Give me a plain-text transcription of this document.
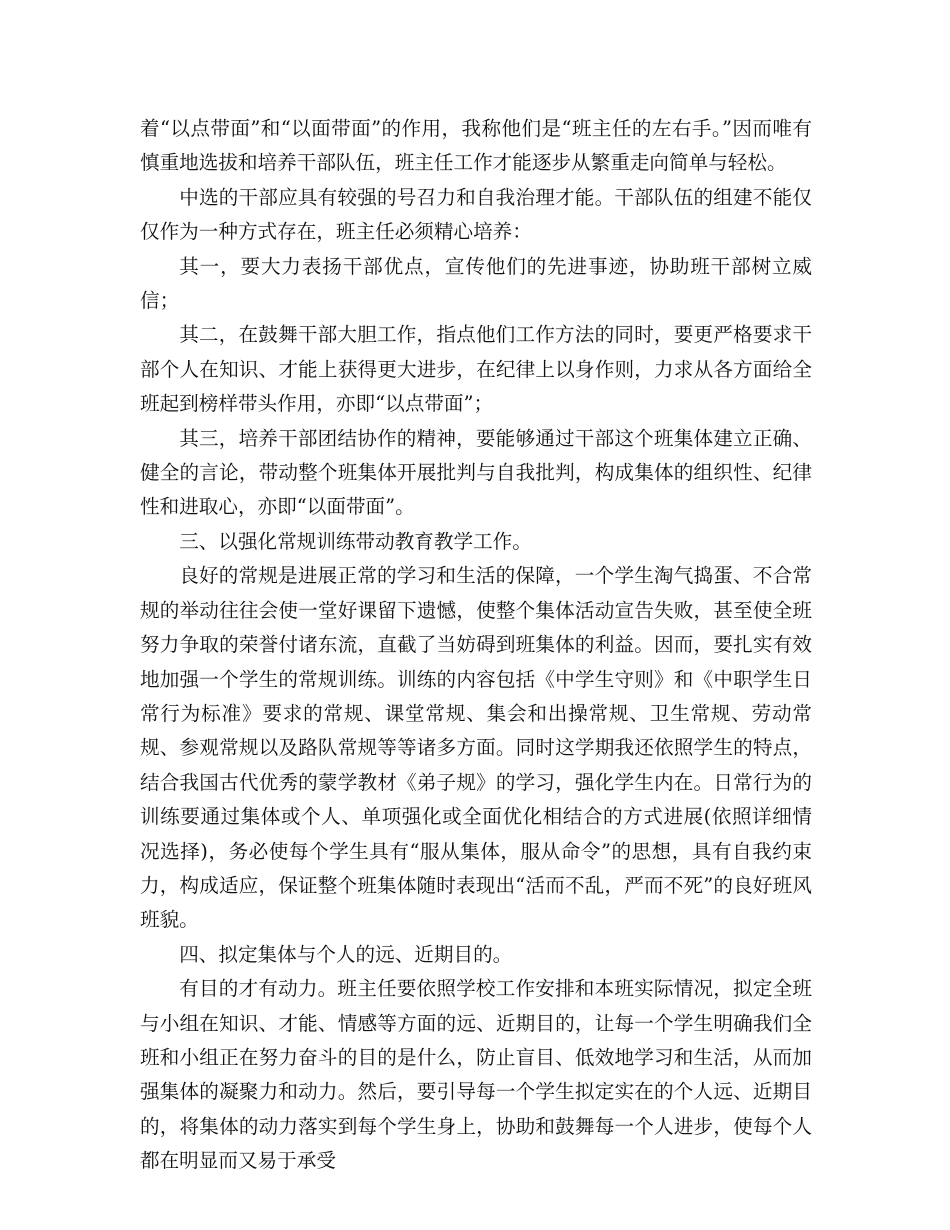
着“以点带面”和“以面带面”的作用，我称他们是“班主任的左右手。”因而唯有慎重地选拔和培养干部队伍，班主任工作才能逐步从繁重走向简单与轻松。

中选的干部应具有较强的号召力和自我治理才能。干部队伍的组建不能仅仅作为一种方式存在，班主任必须精心培养：

其一，要大力表扬干部优点，宣传他们的先进事迹，协助班干部树立威信；

其二，在鼓舞干部大胆工作，指点他们工作方法的同时，要更严格要求干部个人在知识、才能上获得更大进步，在纪律上以身作则，力求从各方面给全班起到榜样带头作用，亦即“以点带面”；

其三，培养干部团结协作的精神，要能够通过干部这个班集体建立正确、健全的言论，带动整个班集体开展批判与自我批判，构成集体的组织性、纪律性和进取心，亦即“以面带面”。

三、以强化常规训练带动教育教学工作。

良好的常规是进展正常的学习和生活的保障，一个学生淘气捣蛋、不合常规的举动往往会使一堂好课留下遗憾，使整个集体活动宣告失败，甚至使全班努力争取的荣誉付诸东流，直截了当妨碍到班集体的利益。因而，要扎实有效地加强一个学生的常规训练。训练的内容包括《中学生守则》和《中职学生日常行为标准》要求的常规、课堂常规、集会和出操常规、卫生常规、劳动常规、参观常规以及路队常规等等诸多方面。同时这学期我还依照学生的特点，结合我国古代优秀的蒙学教材《弟子规》的学习，强化学生内在。日常行为的训练要通过集体或个人、单项强化或全面优化相结合的方式进展(依照详细情况选择)，务必使每个学生具有“服从集体，服从命令”的思想，具有自我约束力，构成适应，保证整个班集体随时表现出“活而不乱，严而不死”的良好班风班貌。

四、拟定集体与个人的远、近期目的。

有目的才有动力。班主任要依照学校工作安排和本班实际情况，拟定全班与小组在知识、才能、情感等方面的远、近期目的，让每一个学生明确我们全班和小组正在努力奋斗的目的是什么，防止盲目、低效地学习和生活，从而加强集体的凝聚力和动力。然后，要引导每一个学生拟定实在的个人远、近期目的，将集体的动力落实到每个学生身上，协助和鼓舞每一个人进步，使每个人都在明显而又易于承受
